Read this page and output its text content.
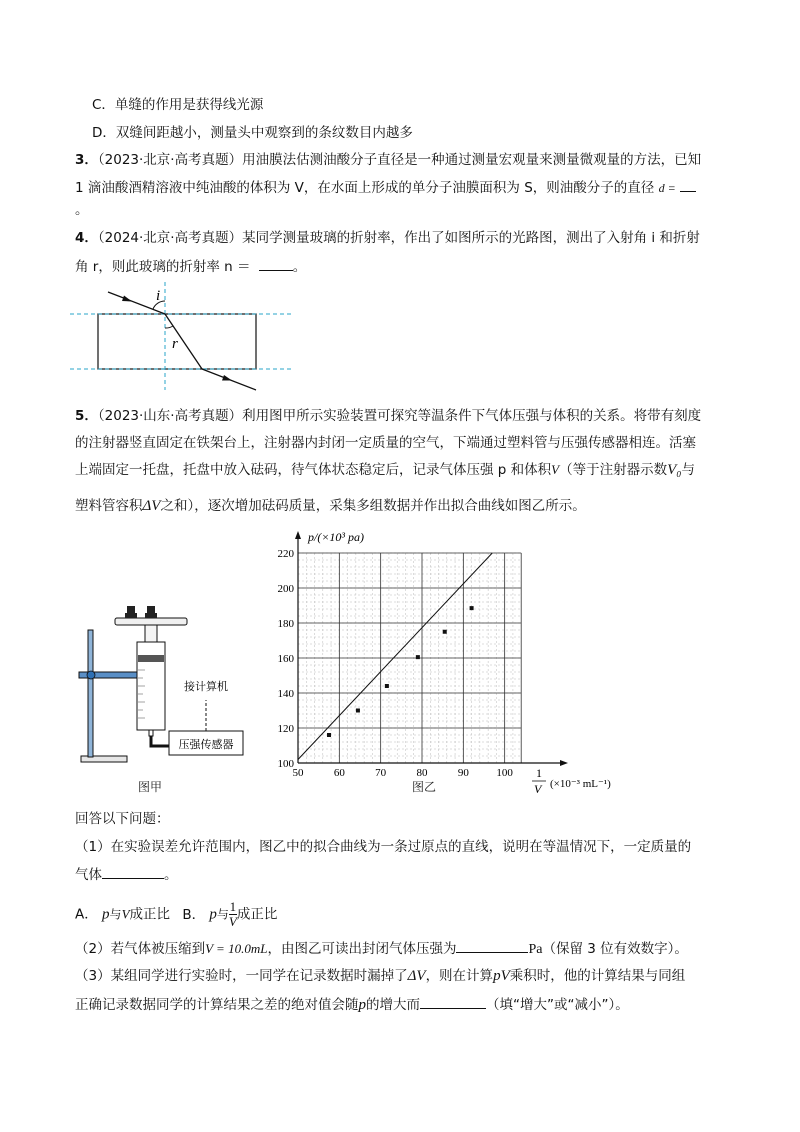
C．单缝的作用是获得线光源
D．双缝间距越小，测量头中观察到的条纹数目内越多
3．（2023·北京·高考真题）用油膜法估测油酸分子直径是一种通过测量宏观量来测量微观量的方法，已知
1 滴油酸酒精溶液中纯油酸的体积为 V，在水面上形成的单分子油膜面积为 S，则油酸分子的直径 d =
。
4．（2024·北京·高考真题）某同学测量玻璃的折射率，作出了如图所示的光路图，测出了入射角 i 和折射
角 r，则此玻璃的折射率 n ＝	。
i
r
5．（2023·山东·高考真题）利用图甲所示实验装置可探究等温条件下气体压强与体积的关系。将带有刻度
的注射器竖直固定在铁架台上，注射器内封闭一定质量的空气，下端通过塑料管与压强传感器相连。活塞
上端固定一托盘，托盘中放入砝码，待气体状态稳定后，记录气体压强 p 和体积V（等于注射器示数V₀与
塑料管容积ΔV之和），逐次增加砝码质量，采集多组数据并作出拟合曲线如图乙所示。
压强传感器
接计算机
图甲
50	60	70	80	90	100
100
120
140
160
180
200
220
p/(×10³ pa)
1
V (×10⁻³ mL⁻¹)
图乙
回答以下问题：
（1）在实验误差允许范围内，图乙中的拟合曲线为一条过原点的直线，说明在等温情况下，一定质量的
气体	。
A． p与V成正比 B． p与 $\frac{1}{V}$ 成正比
（2）若气体被压缩到V = 10.0mL，由图乙可读出封闭气体压强为	Pa（保留 3 位有效数字）。
（3）某组同学进行实验时，一同学在记录数据时漏掉了ΔV，则在计算pV乘积时，他的计算结果与同组
正确记录数据同学的计算结果之差的绝对值会随p的增大而	（填“增大”或“减小”）。
